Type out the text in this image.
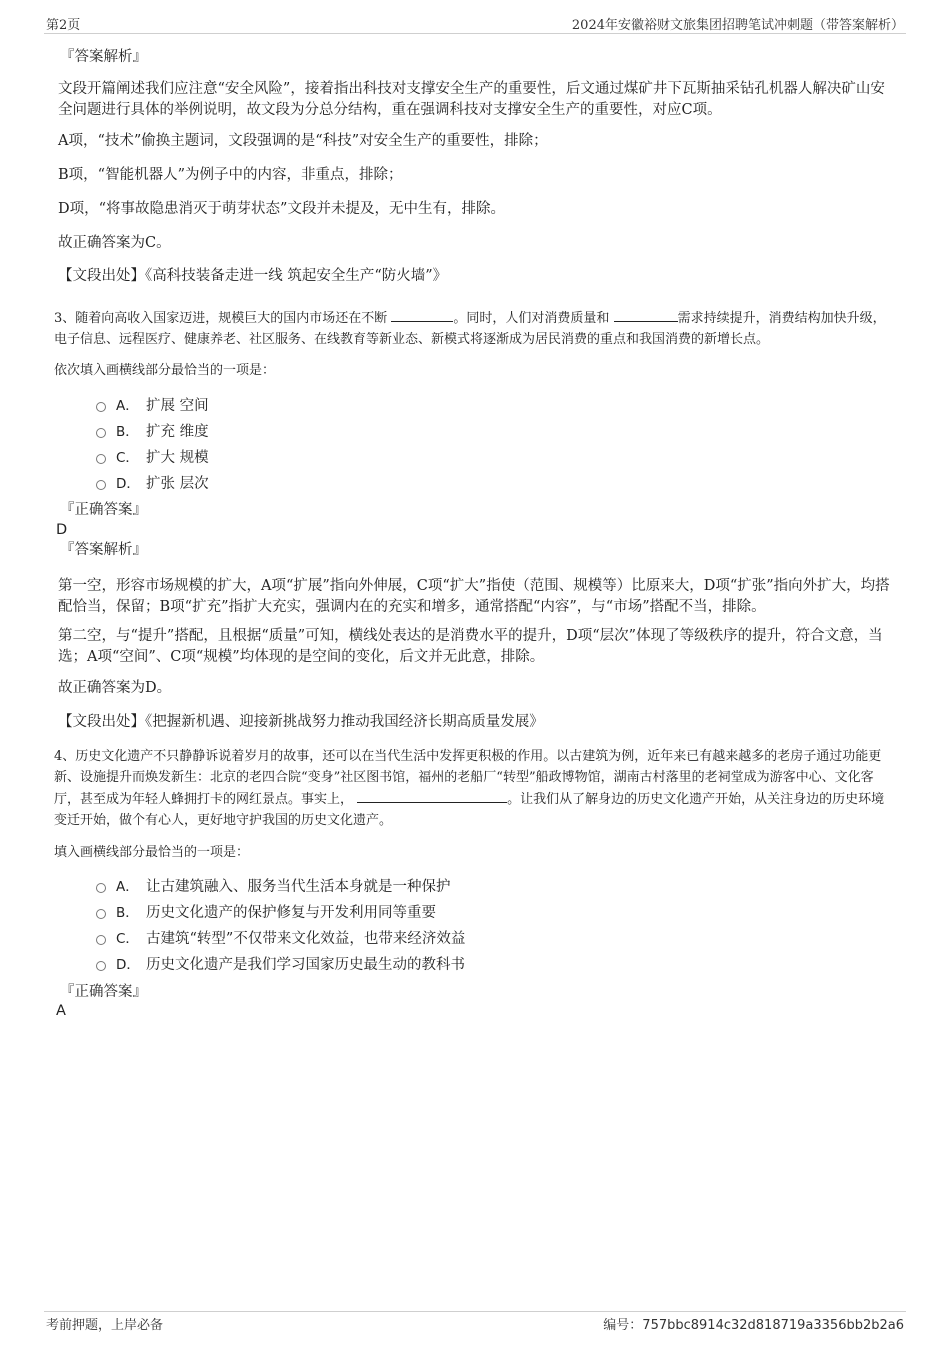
第2页	2024年安徽裕财文旅集团招聘笔试冲刺题（带答案解析）
『答案解析』
文段开篇阐述我们应注意“安全风险”，接着指出科技对支撑安全生产的重要性，后文通过煤矿井下瓦斯抽采钻孔机器人解决矿山安全问题进行具体的举例说明，故文段为分总分结构，重在强调科技对支撑安全生产的重要性，对应C项。
A项，“技术”偷换主题词，文段强调的是“科技”对安全生产的重要性，排除；
B项，“智能机器人”为例子中的内容，非重点，排除；
D项，“将事故隐患消灭于萌芽状态”文段并未提及，无中生有，排除。
故正确答案为C。
【文段出处】《高科技装备走进一线 筑起安全生产“防火墙”》
3、随着向高收入国家迈进，规模巨大的国内市场还在不断	。同时，人们对消费质量和	需求持续提升，消费结构加快升级，电子信息、远程医疗、健康养老、社区服务、在线教育等新业态、新模式将逐渐成为居民消费的重点和我国消费的新增长点。
依次填入画横线部分最恰当的一项是：
A． 扩展 空间
B． 扩充 维度
C． 扩大 规模
D． 扩张 层次
『正确答案』
D
『答案解析』
第一空，形容市场规模的扩大，A项“扩展”指向外伸展，C项“扩大”指使（范围、规模等）比原来大，D项“扩张”指向外扩大，均搭配恰当，保留；B项“扩充”指扩大充实，强调内在的充实和增多，通常搭配“内容”，与“市场”搭配不当，排除。
第二空，与“提升”搭配，且根据“质量”可知，横线处表达的是消费水平的提升，D项“层次”体现了等级秩序的提升，符合文意，当选；A项“空间”、C项“规模”均体现的是空间的变化，后文并无此意，排除。
故正确答案为D。
【文段出处】《把握新机遇、迎接新挑战努力推动我国经济长期高质量发展》
4、历史文化遗产不只静静诉说着岁月的故事，还可以在当代生活中发挥更积极的作用。以古建筑为例，近年来已有越来越多的老房子通过功能更新、设施提升而焕发新生：北京的老四合院“变身”社区图书馆，福州的老船厂“转型”船政博物馆，湖南古村落里的老祠堂成为游客中心、文化客厅，甚至成为年轻人蜂拥打卡的网红景点。事实上，	。让我们从了解身边的历史文化遗产开始，从关注身边的历史环境变迁开始，做个有心人，更好地守护我国的历史文化遗产。
填入画横线部分最恰当的一项是：
A． 让古建筑融入、服务当代生活本身就是一种保护
B． 历史文化遗产的保护修复与开发利用同等重要
C． 古建筑“转型”不仅带来文化效益，也带来经济效益
D． 历史文化遗产是我们学习国家历史最生动的教科书
『正确答案』
A
考前押题，上岸必备	编号：757bbc8914c32d818719a3356bb2b2a6
